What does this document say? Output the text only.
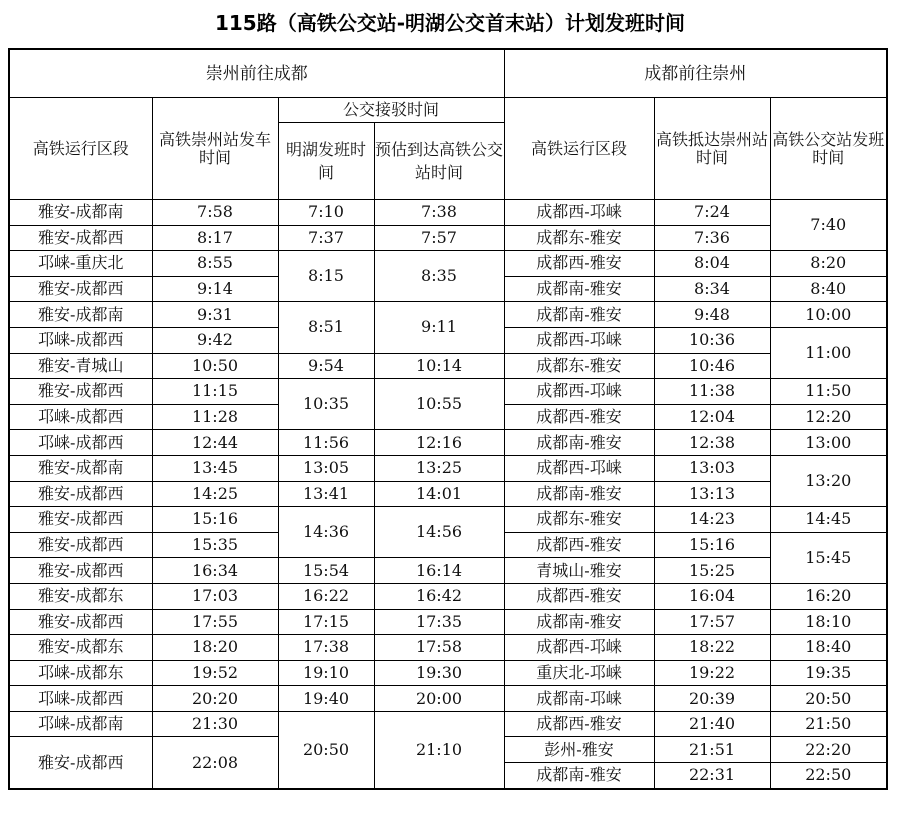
115路（高铁公交站-明湖公交首末站）计划发班时间
崇州前往成都				成都前往崇州		
高铁运行区段	高铁崇州站发车时间	公交接驳时间		高铁运行区段	高铁抵达崇州站时间	高铁公交站发班时间
		明湖发班时间	预估到达高铁公交站时间			
雅安-成都南	7:58	7:10	7:38	成都西-邛崃	7:24	7:40
雅安-成都西	8:17	7:37	7:57	成都东-雅安	7:36	
邛崃-重庆北	8:55	8:15	8:35	成都西-雅安	8:04	8:20
雅安-成都西	9:14			成都南-雅安	8:34	8:40
雅安-成都南	9:31	8:51	9:11	成都南-雅安	9:48	10:00
邛崃-成都西	9:42			成都西-邛崃	10:36	11:00
雅安-青城山	10:50	9:54	10:14	成都东-雅安	10:46	
雅安-成都西	11:15	10:35	10:55	成都西-邛崃	11:38	11:50
邛崃-成都西	11:28			成都西-雅安	12:04	12:20
邛崃-成都西	12:44	11:56	12:16	成都南-雅安	12:38	13:00
雅安-成都南	13:45	13:05	13:25	成都西-邛崃	13:03	13:20
雅安-成都西	14:25	13:41	14:01	成都南-雅安	13:13	
雅安-成都西	15:16	14:36	14:56	成都东-雅安	14:23	14:45
雅安-成都西	15:35			成都西-雅安	15:16	15:45
雅安-成都西	16:34	15:54	16:14	青城山-雅安	15:25	
雅安-成都东	17:03	16:22	16:42	成都西-雅安	16:04	16:20
雅安-成都西	17:55	17:15	17:35	成都南-雅安	17:57	18:10
雅安-成都东	18:20	17:38	17:58	成都西-邛崃	18:22	18:40
邛崃-成都东	19:52	19:10	19:30	重庆北-邛崃	19:22	19:35
邛崃-成都西	20:20	19:40	20:00	成都南-邛崃	20:39	20:50
邛崃-成都南	21:30	20:50	21:10	成都西-雅安	21:40	21:50
雅安-成都西	22:08			彭州-雅安	21:51	22:20
				成都南-雅安	22:31	22:50
